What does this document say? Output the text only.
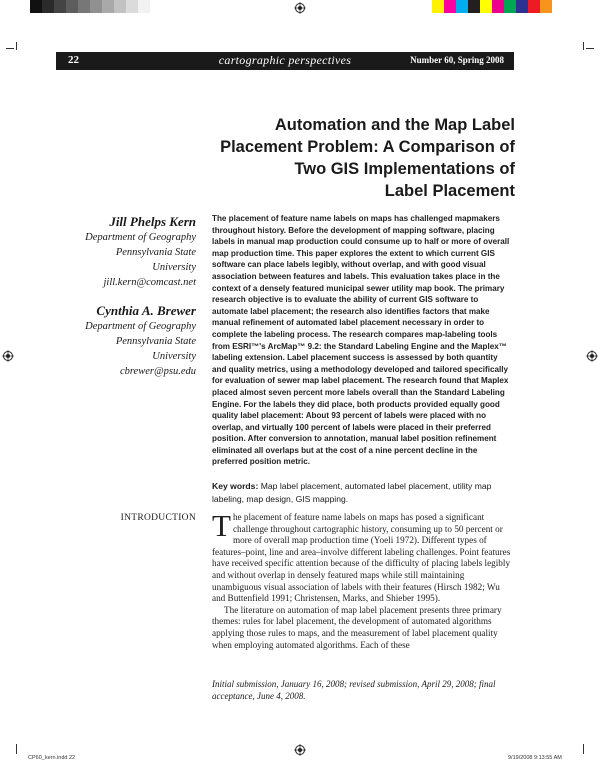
22	cartographic perspectives	Number 60, Spring 2008
Automation and the Map Label
Placement Problem: A Comparison of
Two GIS Implementations of
Label Placement
Jill Phelps Kern
Department of Geography
Pennsylvania State
University
jill.kern@comcast.net
Cynthia A. Brewer
Department of Geography
Pennsylvania State
University
cbrewer@psu.edu
The placement of feature name labels on maps has challenged mapmakers throughout history. Before the development of mapping software, placing labels in manual map production could consume up to half or more of overall map production time. This paper explores the extent to which current GIS software can place labels legibly, without overlap, and with good visual association between features and labels. This evaluation takes place in the context of a densely featured municipal sewer utility map book. The primary research objective is to evaluate the ability of current GIS software to automate label placement; the research also identifies factors that make manual refinement of automated label placement necessary in order to complete the labeling process. The research compares map-labeling tools from ESRI™'s ArcMap™ 9.2: the Standard Labeling Engine and the Maplex™ labeling extension. Label placement success is assessed by both quantity and quality metrics, using a methodology developed and tailored specifically for evaluation of sewer map label placement. The research found that Maplex placed almost seven percent more labels overall than the Standard Labeling Engine. For the labels they did place, both products provided equally good quality label placement: About 93 percent of labels were placed with no overlap, and virtually 100 percent of labels were placed in their preferred position. After conversion to annotation, manual label position refinement eliminated all overlaps but at the cost of a nine percent decline in the preferred position metric.
Key words: Map label placement, automated label placement, utility map labeling, map design, GIS mapping.
INTRODUCTION The placement of feature name labels on maps has posed a significant challenge throughout cartographic history, consuming up to 50 percent or more of overall map production time (Yoeli 1972). Different types of features–point, line and area–involve different labeling challenges. Point features have received specific attention because of the difficulty of placing labels legibly and without overlap in densely featured maps while still maintaining unambiguous visual association of labels with their features (Hirsch 1982; Wu and Buttenfield 1991; Christensen, Marks, and Shieber 1995).

The literature on automation of map label placement presents three primary themes: rules for label placement, the development of automated algorithms applying those rules to maps, and the measurement of label placement quality when employing automated algorithms. Each of these

Initial submission, January 16, 2008; revised submission, April 29, 2008; final acceptance, June 4, 2008.
CP60_kern.indd 22	9/19/2008 9:13:55 AM
